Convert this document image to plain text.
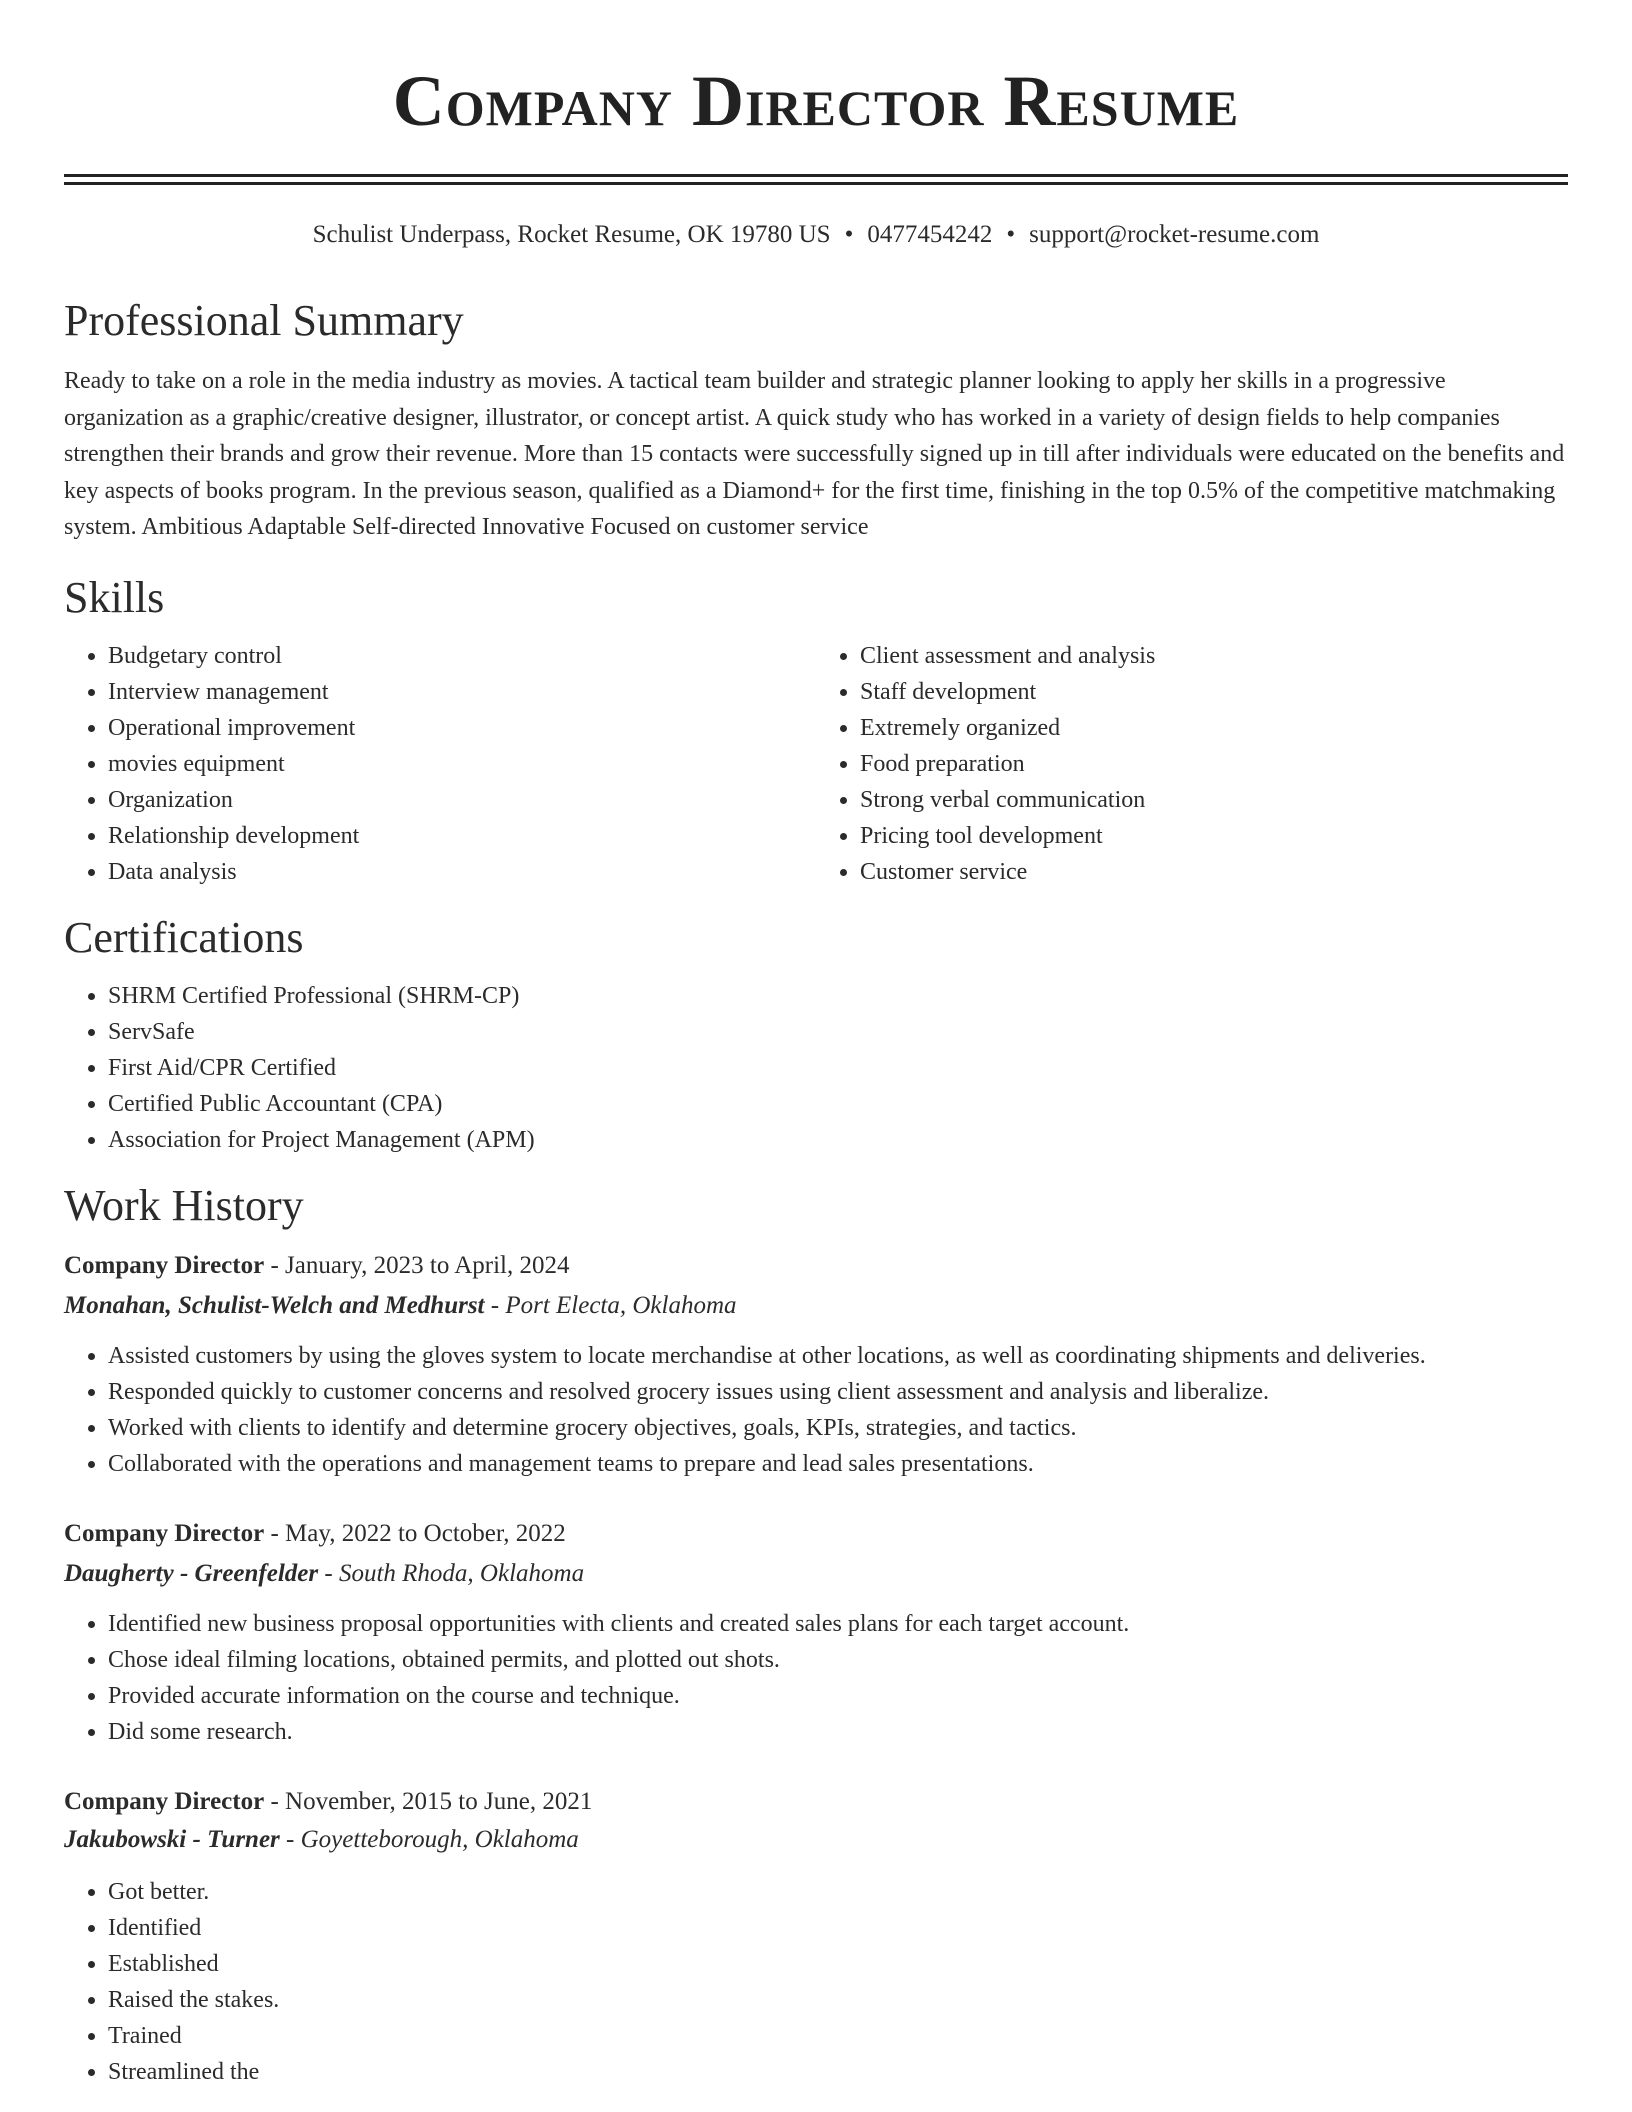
Company Director Resume
Schulist Underpass, Rocket Resume, OK 19780 US • 0477454242 • support@rocket-resume.com
Professional Summary

Ready to take on a role in the media industry as movies. A tactical team builder and strategic planner looking to apply her skills in a progressive organization as a graphic/creative designer, illustrator, or concept artist. A quick study who has worked in a variety of design fields to help companies strengthen their brands and grow their revenue. More than 15 contacts were successfully signed up in till after individuals were educated on the benefits and key aspects of books program. In the previous season, qualified as a Diamond+ for the first time, finishing in the top 0.5% of the competitive matchmaking system. Ambitious Adaptable Self-directed Innovative Focused on customer service

Skills
• Budgetary control
• Interview management
• Operational improvement
• movies equipment
• Organization
• Relationship development
• Data analysis
• Client assessment and analysis
• Staff development
• Extremely organized
• Food preparation
• Strong verbal communication
• Pricing tool development
• Customer service
Certifications
• SHRM Certified Professional (SHRM-CP)
• ServSafe
• First Aid/CPR Certified
• Certified Public Accountant (CPA)
• Association for Project Management (APM)
Work History

Company Director - January, 2023 to April, 2024

Monahan, Schulist-Welch and Medhurst - Port Electa, Oklahoma

• Assisted customers by using the gloves system to locate merchandise at other locations, as well as coordinating shipments and deliveries.
• Responded quickly to customer concerns and resolved grocery issues using client assessment and analysis and liberalize.
• Worked with clients to identify and determine grocery objectives, goals, KPIs, strategies, and tactics.
• Collaborated with the operations and management teams to prepare and lead sales presentations.

Company Director - May, 2022 to October, 2022

Daugherty - Greenfelder - South Rhoda, Oklahoma

• Identified new business proposal opportunities with clients and created sales plans for each target account.
• Chose ideal filming locations, obtained permits, and plotted out shots.
• Provided accurate information on the course and technique.
• Did some research.

Company Director - November, 2015 to June, 2021

Jakubowski - Turner - Goyetteborough, Oklahoma

• Got better.
• Identified
• Established
• Raised the stakes.
• Trained
• Streamlined the
